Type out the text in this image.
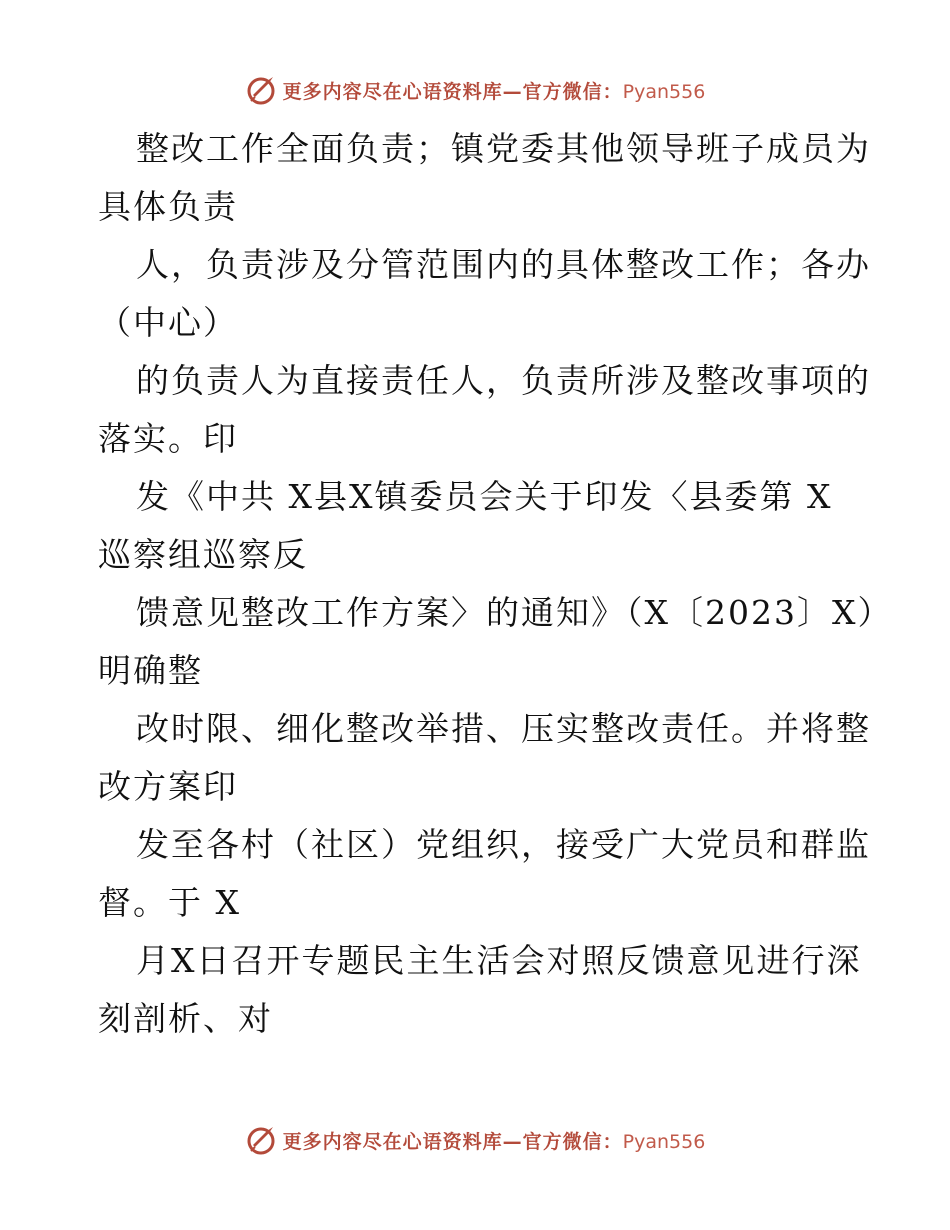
更多内容尽在心语资料库—官方微信：Pyan556
整改工作全面负责；镇党委其他领导班子成员为
具体负责
人，负责涉及分管范围内的具体整改工作；各办
（中心）
的负责人为直接责任人，负责所涉及整改事项的
落实。印
发《中共 X县X镇委员会关于印发〈县委第 X
巡察组巡察反
馈意见整改工作方案〉的通知》（X〔2023〕X）
明确整
改时限、细化整改举措、压实整改责任。并将整
改方案印
发至各村（社区）党组织，接受广大党员和群监
督。于 X
月X日召开专题民主生活会对照反馈意见进行深
刻剖析、对
更多内容尽在心语资料库—官方微信：Pyan556
